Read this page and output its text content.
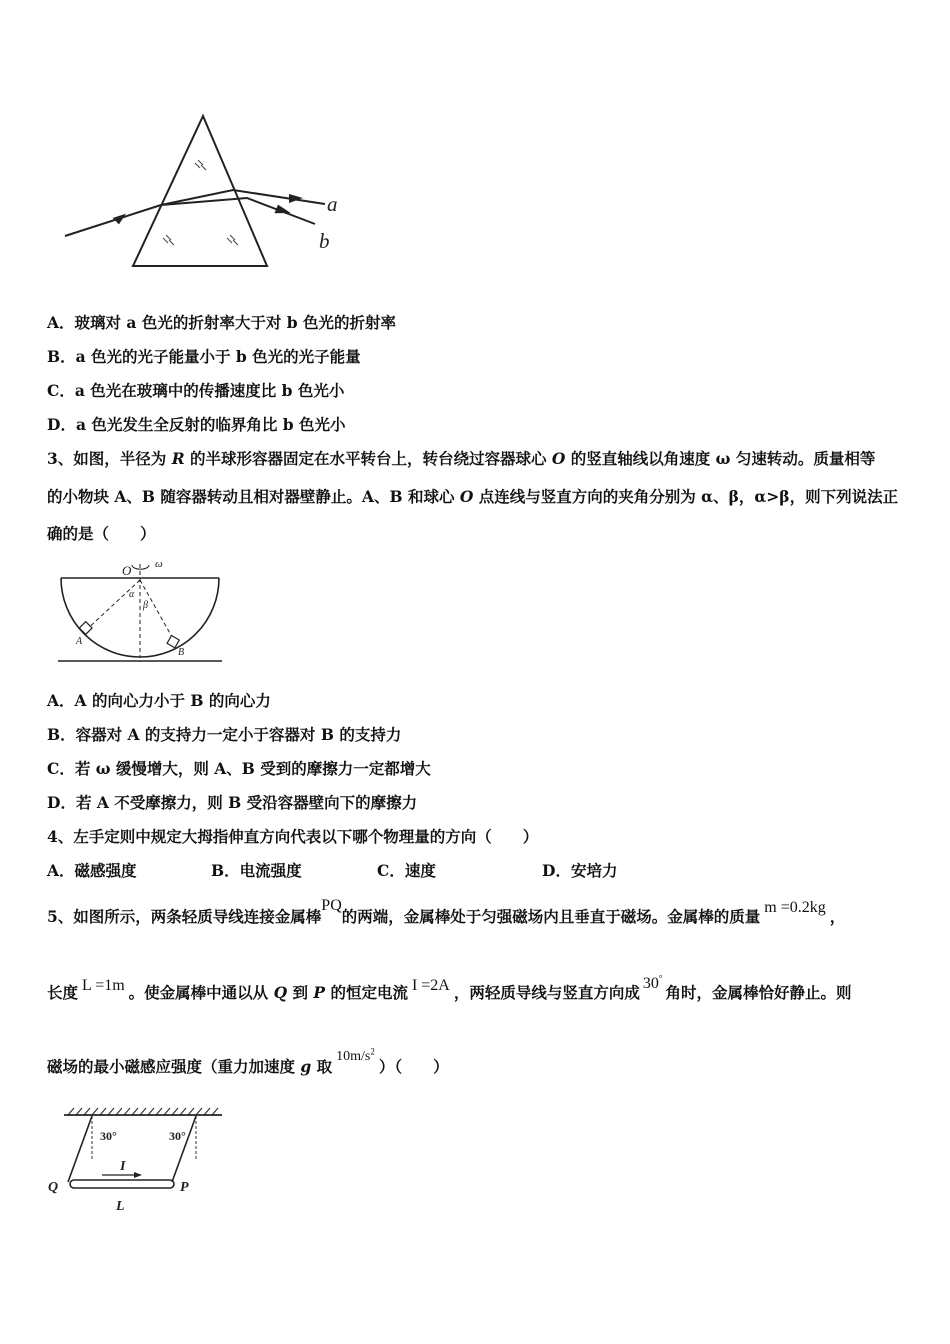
a
b
A．玻璃对 a 色光的折射率大于对 b 色光的折射率
B．a 色光的光子能量小于 b 色光的光子能量
C．a 色光在玻璃中的传播速度比 b 色光小
D．a 色光发生全反射的临界角比 b 色光小
3、如图，半径为 R 的半球形容器固定在水平转台上，转台绕过容器球心 O 的竖直轴线以角速度 ω 匀速转动。质量相等
的小物块 A、B 随容器转动且相对器壁静止。A、B 和球心 O 点连线与竖直方向的夹角分别为 α、β，α>β，则下列说法正
确的是（　　）
O ω
α
β
A
B
A．A 的向心力小于 B 的向心力
B．容器对 A 的支持力一定小于容器对 B 的支持力
C．若 ω 缓慢增大，则 A、B 受到的摩擦力一定都增大
D．若 A 不受摩擦力，则 B 受沿容器壁向下的摩擦力
4、左手定则中规定大拇指伸直方向代表以下哪个物理量的方向（　　）
A．磁感强度	B．电流强度	C．速度	D．安培力
5、如图所示，两条轻质导线连接金属棒PQ的两端，金属棒处于匀强磁场内且垂直于磁场。金属棒的质量 m =0.2kg ，
长度 L =1m 。使金属棒中通以从 Q 到 P 的恒定电流 I =2A ，两轻质导线与竖直方向成 30°角时，金属棒恰好静止。则
磁场的最小磁感应强度（重力加速度 g 取$10m/s^2$）（　　）
30°	30°
I
Q	P
L
